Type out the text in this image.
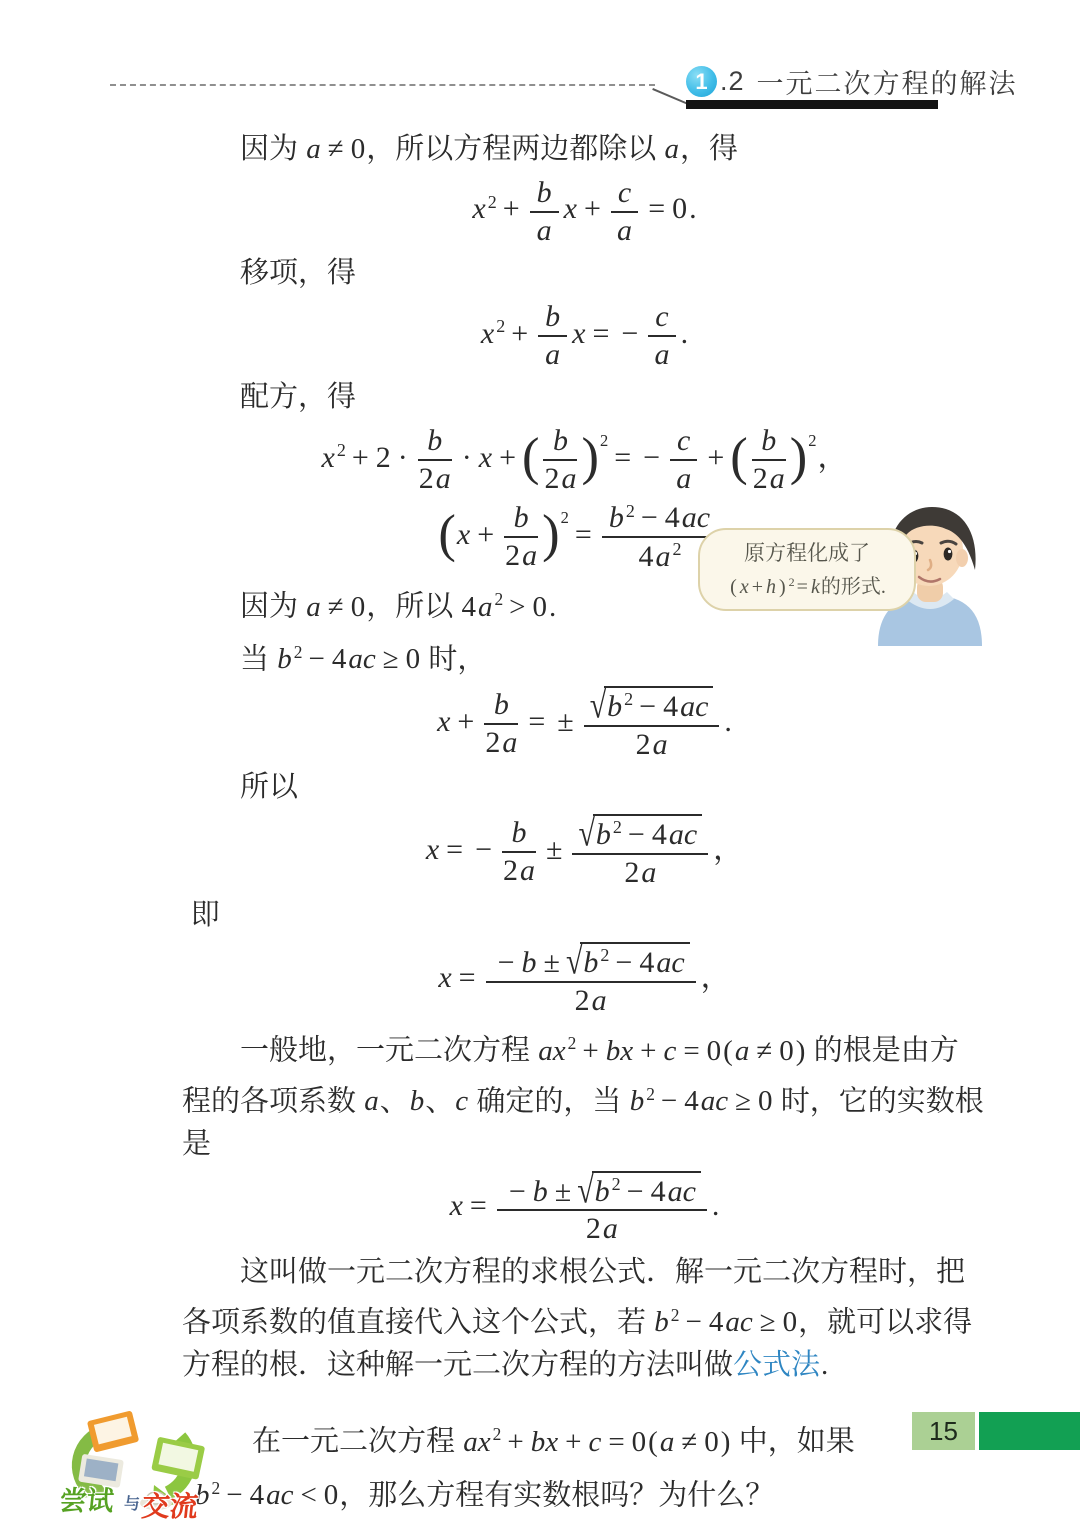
1 .2 一元二次方程的解法
因为 a ≠ 0，所以方程两边都除以 a，得
x $^2 + \frac{b}{a}$ $x + \frac{c}{a} = 0$.
移项，得
x $^2 + \frac{b}{a}$ x = − $\frac{c}{a}$ .
配方，得
x $^2 + 2 \cdot \frac{b}{2a} \cdot x$ + ( $\frac{b}{2a} )^2= - \frac{c}{a}$ + ( $\frac{b}{2a} )^2$，
$(x + \frac{b}{2a} )^2= \frac{b ^2 - 4ac}{4a ^2}$
因为 a ≠ 0，所以 4a $^2$ > 0.
当 b $^2$ − 4ac ≥ 0 时，
$x + \frac{b}{2a}$ = ± $\frac{√b ^2 - 4ac}{2a}$ .
所以
x = − $\frac{b}{2a} \pm \frac{√b ^2 - 4ac}{2a}$ ，
即
$x = \frac{- b \pm √b ^2 - 4ac}{2a}$ ，
一般地，一元二次方程 ax $^2$ + bx + c = 0(a ≠ 0) 的根是由方程的各项系数 a、b、c 确定的，当 b $^2$ − 4ac ≥ 0 时，它的实数根是
$x = \frac{- b \pm √b ^2 - 4ac}{2a}$ .
这叫做一元二次方程的求根公式．解一元二次方程时，把各项系数的值直接代入这个公式，若 b $^2$ − 4ac ≥ 0，就可以求得方程的根．这种解一元二次方程的方法叫做公式法.
尝试 与 交流
在一元二次方程 ax $^2$ + bx + c = 0(a ≠ 0) 中，如果 b $^2$ − 4ac < 0，那么方程有实数根吗？为什么？
原方程化成了
( x + h ) $^2$ = k的形式.
15
